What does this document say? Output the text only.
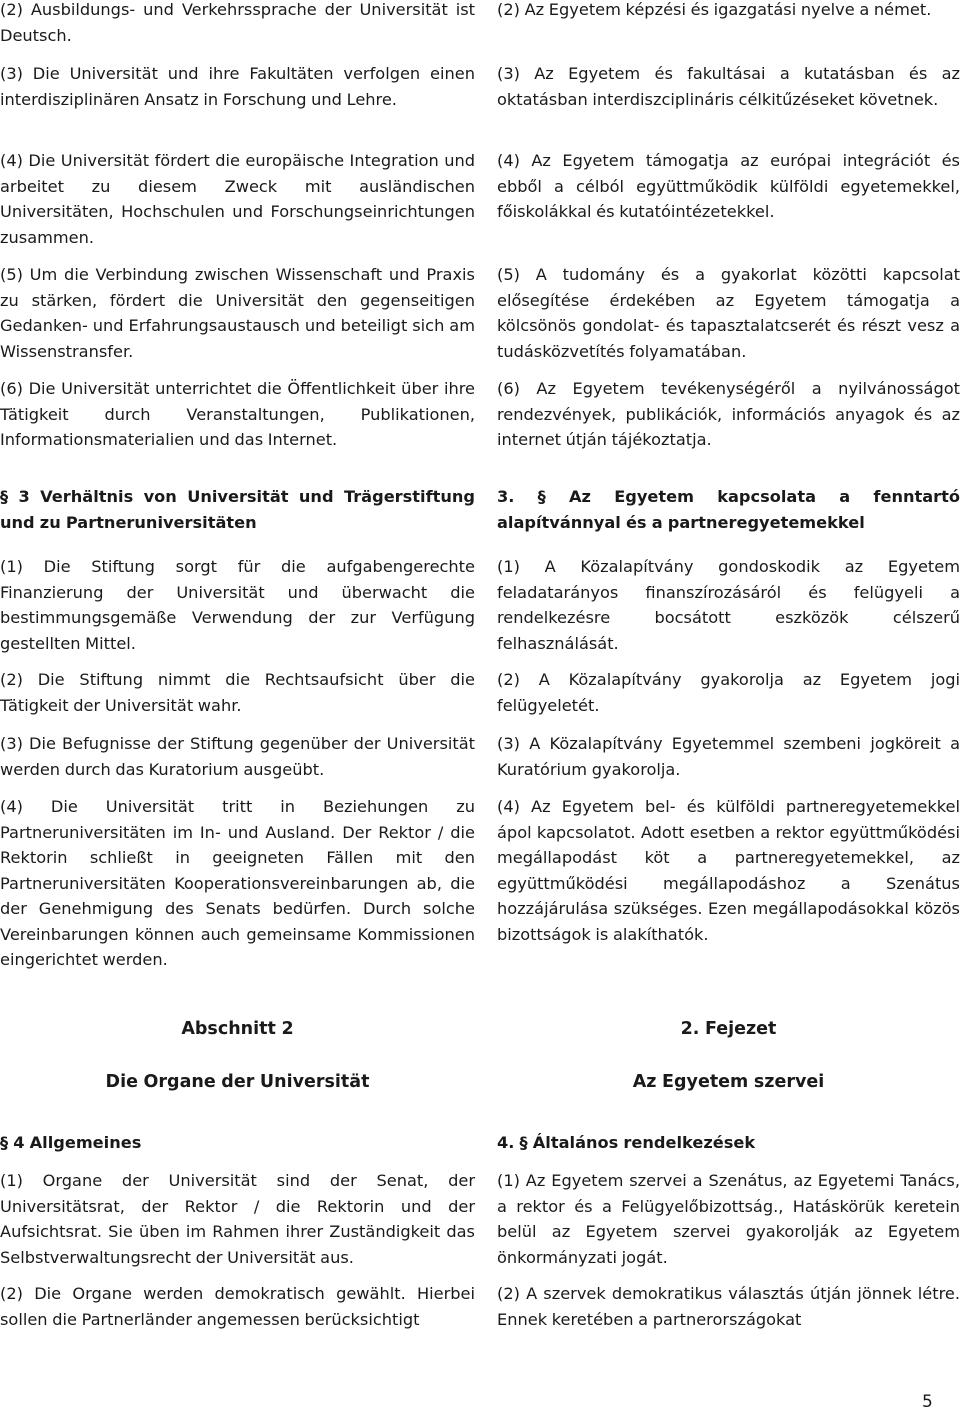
(2) Ausbildungs- und Verkehrssprache der Universität ist Deutsch.

(3) Die Universität und ihre Fakultäten verfolgen einen interdisziplinären Ansatz in Forschung und Lehre.

(4) Die Universität fördert die europäische Integration und arbeitet zu diesem Zweck mit ausländischen Universitäten, Hochschulen und Forschungseinrichtungen zusammen.

(5) Um die Verbindung zwischen Wissenschaft und Praxis zu stärken, fördert die Universität den gegenseitigen Gedanken- und Erfahrungsaustausch und beteiligt sich am Wissenstransfer.

(6) Die Universität unterrichtet die Öffentlichkeit über ihre Tätigkeit durch Veranstaltungen, Publikationen, Informationsmaterialien und das Internet.

§ 3 Verhältnis von Universität und Trägerstiftung und zu Partneruniversitäten

(1) Die Stiftung sorgt für die aufgabengerechte Finanzierung der Universität und überwacht die bestimmungsgemäße Verwendung der zur Verfügung gestellten Mittel.

(2) Die Stiftung nimmt die Rechtsaufsicht über die Tätigkeit der Universität wahr.

(3) Die Befugnisse der Stiftung gegenüber der Universität werden durch das Kuratorium ausgeübt.

(4) Die Universität tritt in Beziehungen zu Partneruniversitäten im In- und Ausland. Der Rektor / die Rektorin schließt in geeigneten Fällen mit den Partneruniversitäten Kooperationsvereinbarungen ab, die der Genehmigung des Senats bedürfen. Durch solche Vereinbarungen können auch gemeinsame Kommissionen eingerichtet werden.

Abschnitt 2

Die Organe der Universität

§ 4 Allgemeines

(1) Organe der Universität sind der Senat, der Universitätsrat, der Rektor / die Rektorin und der Aufsichtsrat. Sie üben im Rahmen ihrer Zuständigkeit das Selbstverwaltungsrecht der Universität aus.

(2) Die Organe werden demokratisch gewählt. Hierbei sollen die Partnerländer angemessen berücksichtigt

(2) Az Egyetem képzési és igazgatási nyelve a német.

(3) Az Egyetem és fakultásai a kutatásban és az oktatásban interdiszciplináris célkitűzéseket követnek.

(4) Az Egyetem támogatja az európai integrációt és ebből a célból együttműködik külföldi egyetemekkel, főiskolákkal és kutatóintézetekkel.

(5) A tudomány és a gyakorlat közötti kapcsolat elősegítése érdekében az Egyetem támogatja a kölcsönös gondolat- és tapasztalatcserét és részt vesz a tudásközvetítés folyamatában.

(6) Az Egyetem tevékenységéről a nyilvánosságot rendezvények, publikációk, információs anyagok és az internet útján tájékoztatja.

3. § Az Egyetem kapcsolata a fenntartó alapítvánnyal és a partneregyetemekkel

(1) A Közalapítvány gondoskodik az Egyetem feladatarányos finanszírozásáról és felügyeli a rendelkezésre bocsátott eszközök célszerű felhasználását.

(2) A Közalapítvány gyakorolja az Egyetem jogi felügyeletét.

(3) A Közalapítvány Egyetemmel szembeni jogköreit a Kuratórium gyakorolja.

(4) Az Egyetem bel- és külföldi partneregyetemekkel ápol kapcsolatot. Adott esetben a rektor együttműködési megállapodást köt a partneregyetemekkel, az együttműködési megállapodáshoz a Szenátus hozzájárulása szükséges. Ezen megállapodásokkal közös bizottságok is alakíthatók.

2. Fejezet

Az Egyetem szervei

4. § Általános rendelkezések

(1) Az Egyetem szervei a Szenátus, az Egyetemi Tanács, a rektor és a Felügyelőbizottság., Hatáskörük keretein belül az Egyetem szervei gyakorolják az Egyetem önkormányzati jogát.

(2) A szervek demokratikus választás útján jönnek létre. Ennek keretében a partnerországokat

5
